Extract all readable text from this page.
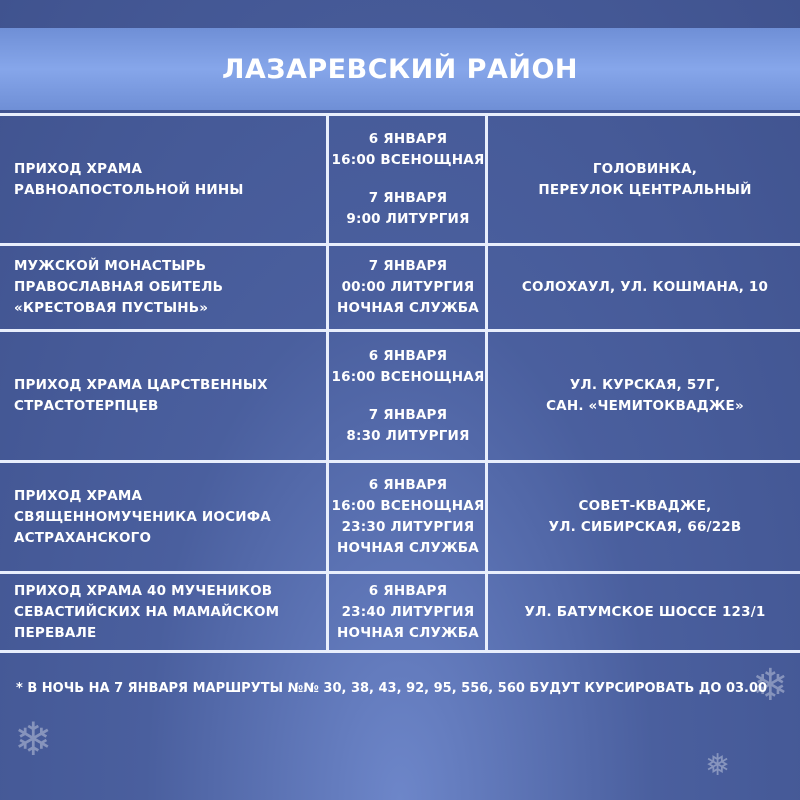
ЛАЗАРЕВСКИЙ РАЙОН
ПРИХОД ХРАМА
РАВНОАПОСТОЛЬНОЙ НИНЫ
6 ЯНВАРЯ
16:00 ВСЕНОЩНАЯ
7 ЯНВАРЯ
9:00 ЛИТУРГИЯ
ГОЛОВИНКА,
ПЕРЕУЛОК ЦЕНТРАЛЬНЫЙ
МУЖСКОЙ МОНАСТЫРЬ
ПРАВОСЛАВНАЯ ОБИТЕЛЬ
«КРЕСТОВАЯ ПУСТЫНЬ»
7 ЯНВАРЯ
00:00 ЛИТУРГИЯ
НОЧНАЯ СЛУЖБА
СОЛОХАУЛ, УЛ. КОШМАНА, 10
ПРИХОД ХРАМА ЦАРСТВЕННЫХ
СТРАСТОТЕРПЦЕВ
6 ЯНВАРЯ
16:00 ВСЕНОЩНАЯ
7 ЯНВАРЯ
8:30 ЛИТУРГИЯ
УЛ. КУРСКАЯ, 57Г,
САН. «ЧЕМИТОКВАДЖЕ»
ПРИХОД ХРАМА
СВЯЩЕННОМУЧЕНИКА ИОСИФА
АСТРАХАНСКОГО
6 ЯНВАРЯ
16:00 ВСЕНОЩНАЯ
23:30 ЛИТУРГИЯ
НОЧНАЯ СЛУЖБА
СОВЕТ-КВАДЖЕ,
УЛ. СИБИРСКАЯ, 66/22В
ПРИХОД ХРАМА 40 МУЧЕНИКОВ
СЕВАСТИЙСКИХ НА МАМАЙСКОМ
ПЕРЕВАЛЕ
6 ЯНВАРЯ
23:40 ЛИТУРГИЯ
НОЧНАЯ СЛУЖБА
УЛ. БАТУМСКОЕ ШОССЕ 123/1
* В НОЧЬ НА 7 ЯНВАРЯ МАРШРУТЫ №№ 30, 38, 43, 92, 95, 556, 560 БУДУТ КУРСИРОВАТЬ ДО 03.00
❄
❄
❅
